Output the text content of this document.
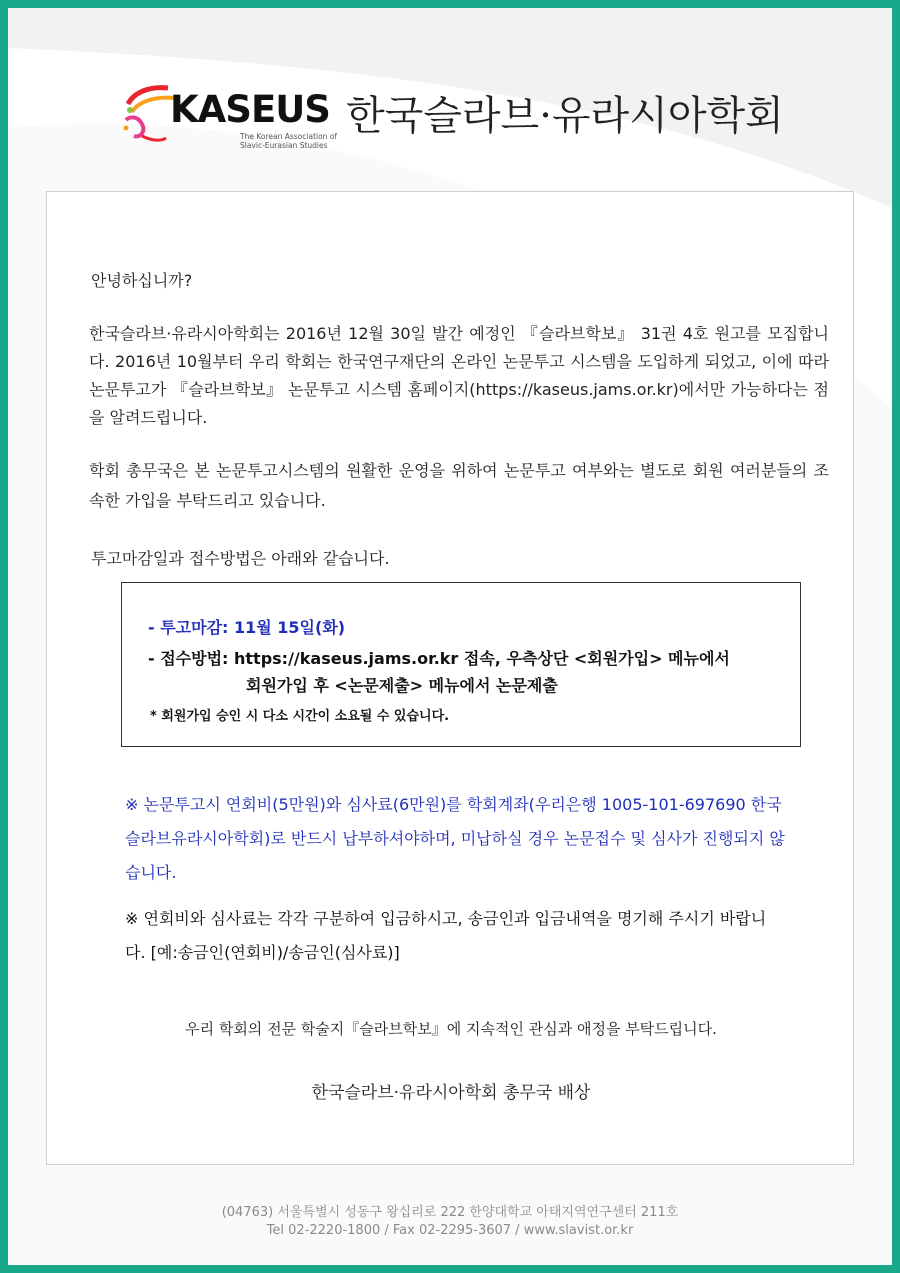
KASEUS
The Korean Association of Slavic-Eurasian Studies
한국슬라브·유라시아학회

안녕하십니까?

한국슬라브·유라시아학회는 2016년 12월 30일 발간 예정인 『슬라브학보』 31권 4호 원고를 모집합니다. 2016년 10월부터 우리 학회는 한국연구재단의 온라인 논문투고 시스템을 도입하게 되었고, 이에 따라 논문투고가 『슬라브학보』 논문투고 시스템 홈페이지(https://kaseus.jams.or.kr)에서만 가능하다는 점을 알려드립니다.

학회 총무국은 본 논문투고시스템의 원활한 운영을 위하여 논문투고 여부와는 별도로 회원 여러분들의 조속한 가입을 부탁드리고 있습니다.

투고마감일과 접수방법은 아래와 같습니다.

- 투고마감: 11월 15일(화)
- 접수방법: https://kaseus.jams.or.kr 접속, 우측상단 <회원가입> 메뉴에서
회원가입 후 <논문제출> 메뉴에서 논문제출
* 회원가입 승인 시 다소 시간이 소요될 수 있습니다.
※ 논문투고시 연회비(5만원)와 심사료(6만원)를 학회계좌(우리은행 1005-101-697690 한국슬라브유라시아학회)로 반드시 납부하셔야하며, 미납하실 경우 논문접수 및 심사가 진행되지 않습니다.
※ 연회비와 심사료는 각각 구분하여 입금하시고, 송금인과 입금내역을 명기해 주시기 바랍니다. [예:송금인(연회비)/송금인(심사료)]
우리 학회의 전문 학술지『슬라브학보』에 지속적인 관심과 애정을 부탁드립니다.
한국슬라브·유라시아학회 총무국 배상
(04763) 서울특별시 성동구 왕십리로 222 한양대학교 아태지역연구센터 211호
Tel 02-2220-1800 / Fax 02-2295-3607 / www.slavist.or.kr
